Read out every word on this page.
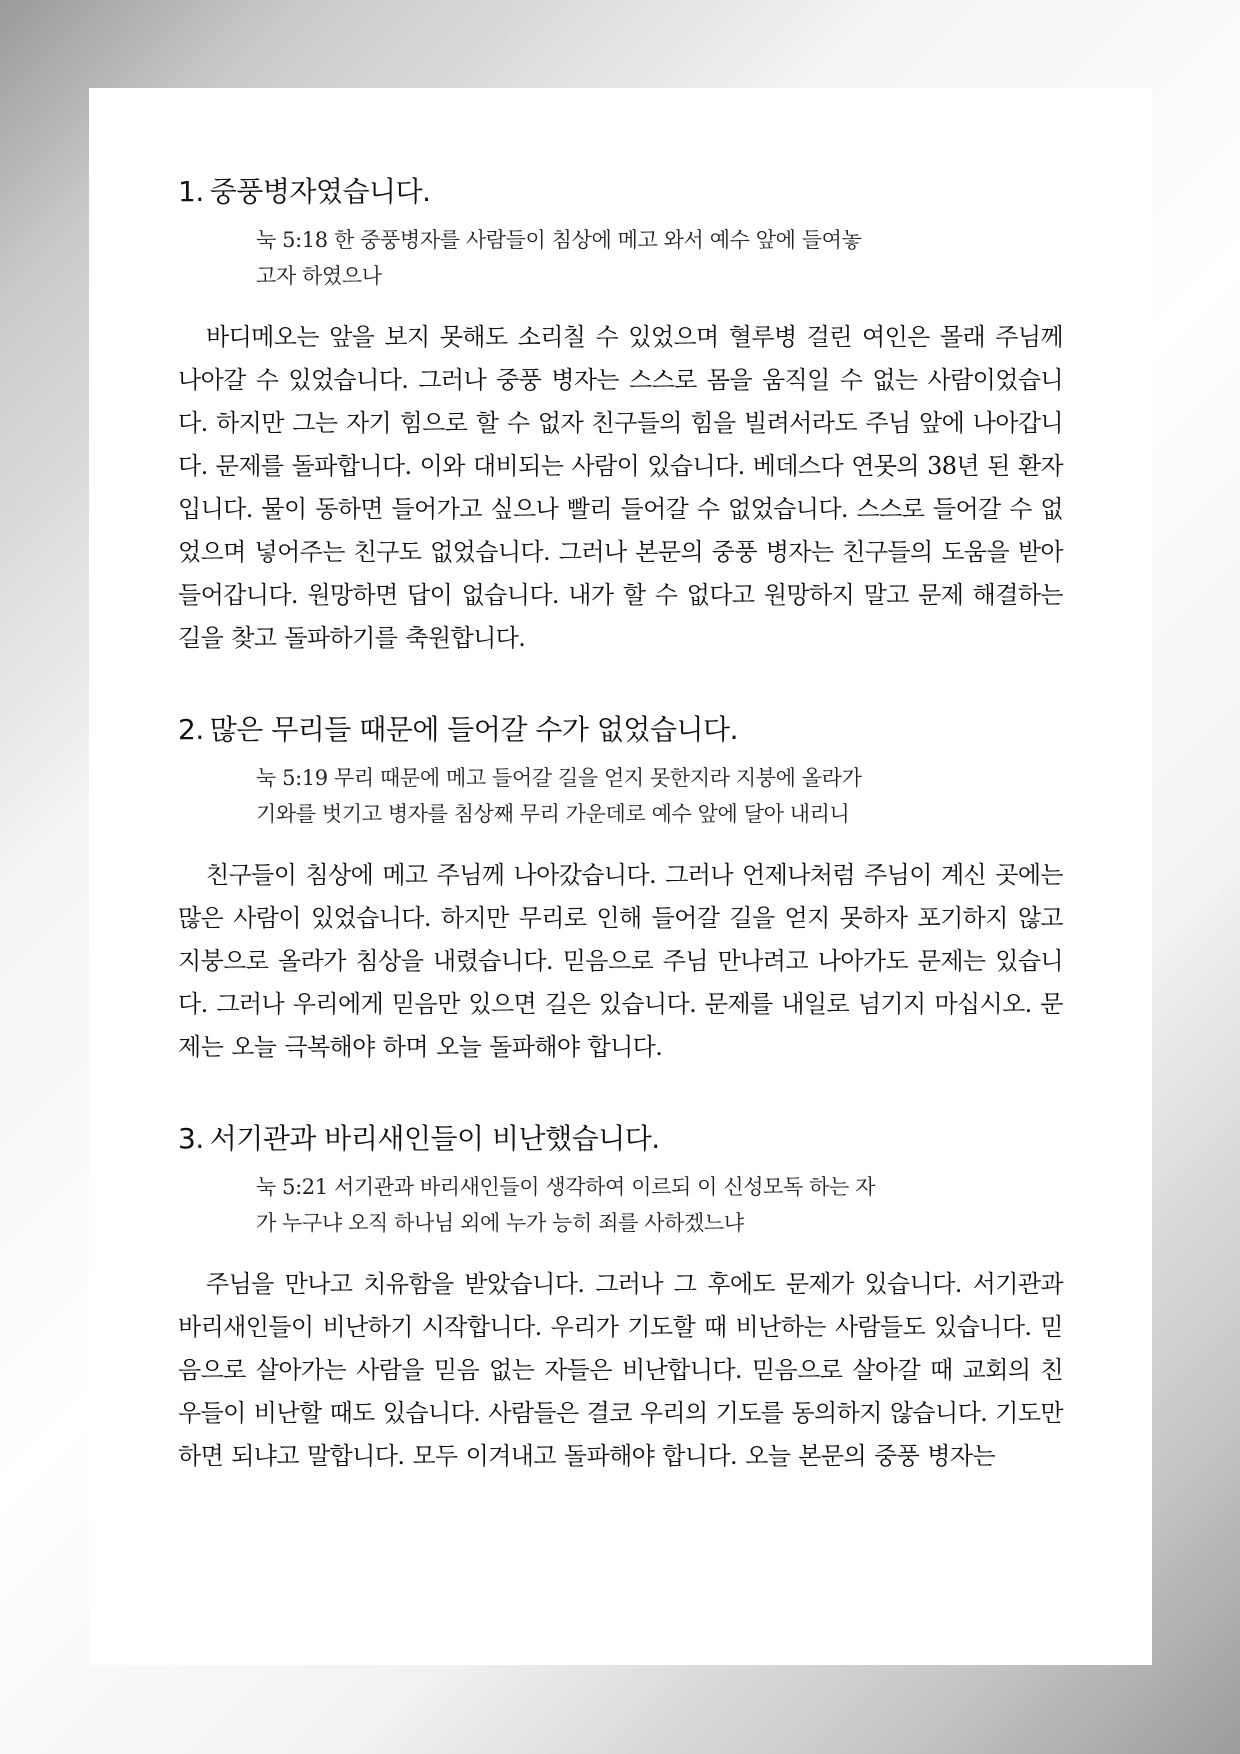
1. 중풍병자였습니다.

눅 5:18 한 중풍병자를 사람들이 침상에 메고 와서 예수 앞에 들여놓고자 하였으나

바디메오는 앞을 보지 못해도 소리칠 수 있었으며 혈루병 걸린 여인은 몰래 주님께 나아갈 수 있었습니다. 그러나 중풍 병자는 스스로 몸을 움직일 수 없는 사람이었습니다. 하지만 그는 자기 힘으로 할 수 없자 친구들의 힘을 빌려서라도 주님 앞에 나아갑니다. 문제를 돌파합니다. 이와 대비되는 사람이 있습니다. 베데스다 연못의 38년 된 환자입니다. 물이 동하면 들어가고 싶으나 빨리 들어갈 수 없었습니다. 스스로 들어갈 수 없었으며 넣어주는 친구도 없었습니다. 그러나 본문의 중풍 병자는 친구들의 도움을 받아 들어갑니다. 원망하면 답이 없습니다. 내가 할 수 없다고 원망하지 말고 문제 해결하는 길을 찾고 돌파하기를 축원합니다.

2. 많은 무리들 때문에 들어갈 수가 없었습니다.

눅 5:19 무리 때문에 메고 들어갈 길을 얻지 못한지라 지붕에 올라가 기와를 벗기고 병자를 침상째 무리 가운데로 예수 앞에 달아 내리니

친구들이 침상에 메고 주님께 나아갔습니다. 그러나 언제나처럼 주님이 계신 곳에는 많은 사람이 있었습니다. 하지만 무리로 인해 들어갈 길을 얻지 못하자 포기하지 않고 지붕으로 올라가 침상을 내렸습니다. 믿음으로 주님 만나려고 나아가도 문제는 있습니다. 그러나 우리에게 믿음만 있으면 길은 있습니다. 문제를 내일로 넘기지 마십시오. 문제는 오늘 극복해야 하며 오늘 돌파해야 합니다.

3. 서기관과 바리새인들이 비난했습니다.

눅 5:21 서기관과 바리새인들이 생각하여 이르되 이 신성모독 하는 자가 누구냐 오직 하나님 외에 누가 능히 죄를 사하겠느냐

주님을 만나고 치유함을 받았습니다. 그러나 그 후에도 문제가 있습니다. 서기관과 바리새인들이 비난하기 시작합니다. 우리가 기도할 때 비난하는 사람들도 있습니다. 믿음으로 살아가는 사람을 믿음 없는 자들은 비난합니다. 믿음으로 살아갈 때 교회의 친우들이 비난할 때도 있습니다. 사람들은 결코 우리의 기도를 동의하지 않습니다. 기도만 하면 되냐고 말합니다. 모두 이겨내고 돌파해야 합니다. 오늘 본문의 중풍 병자는
